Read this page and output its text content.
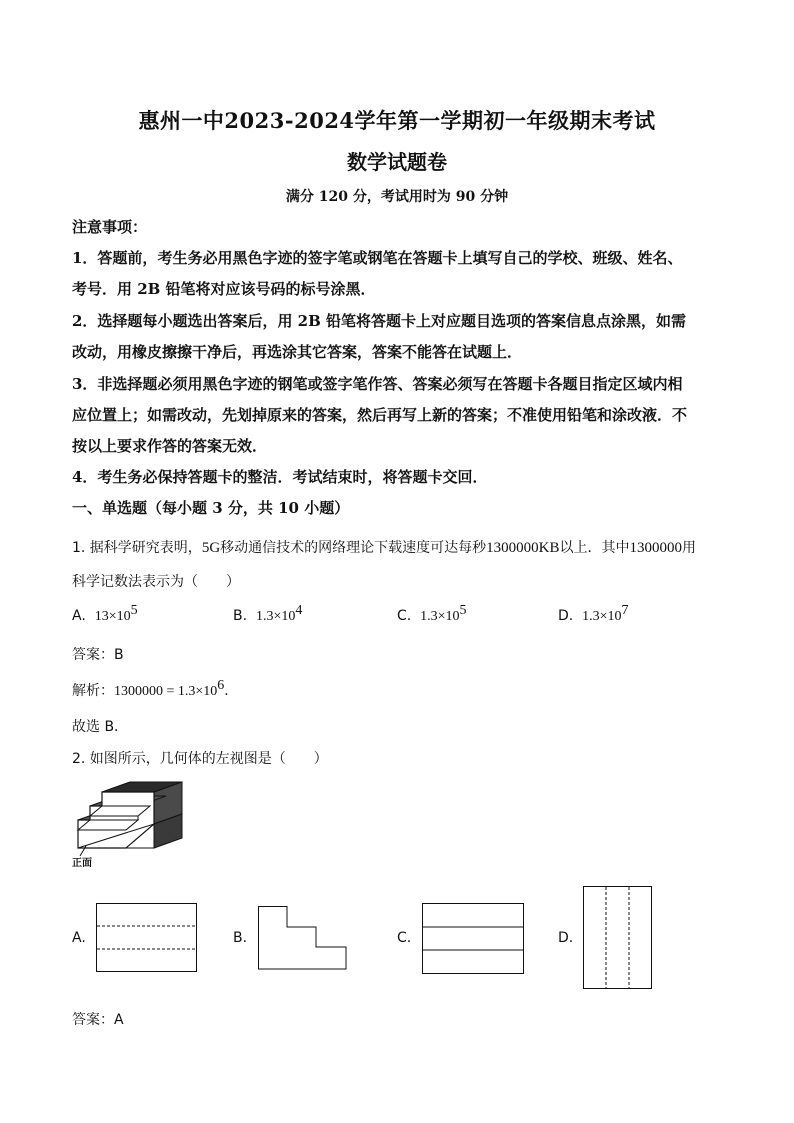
惠州一中2023-2024学年第一学期初一年级期末考试
数学试题卷
满分 120 分，考试用时为 90 分钟
注意事项：
1．答题前，考生务必用黑色字迹的签字笔或钢笔在答题卡上填写自己的学校、班级、姓名、
考号．用 2B 铅笔将对应该号码的标号涂黑．
2．选择题每小题选出答案后，用 2B 铅笔将答题卡上对应题目选项的答案信息点涂黑，如需
改动，用橡皮擦擦干净后，再选涂其它答案，答案不能答在试题上．
3．非选择题必须用黑色字迹的钢笔或签字笔作答、答案必须写在答题卡各题目指定区域内相
应位置上；如需改动，先划掉原来的答案，然后再写上新的答案；不准使用铅笔和涂改液．不
按以上要求作答的答案无效．
4．考生务必保持答题卡的整洁．考试结束时，将答题卡交回．
一、单选题（每小题 3 分，共 10 小题）
1. 据科学研究表明，5G移动通信技术的网络理论下载速度可达每秒1300000KB以上．其中1300000用
科学记数法表示为（　　）
A. $13\times 10^5$	B. $1.3\times 10^4$	C. $1.3\times 10^5$	D. $1.3\times 10^7$
答案：B
解析：$1300000 = 1.3\times 10^6$．
故选 B．
2. 如图所示，几何体的左视图是（　　）
正面
A.	B.	C.	D.
答案：A
